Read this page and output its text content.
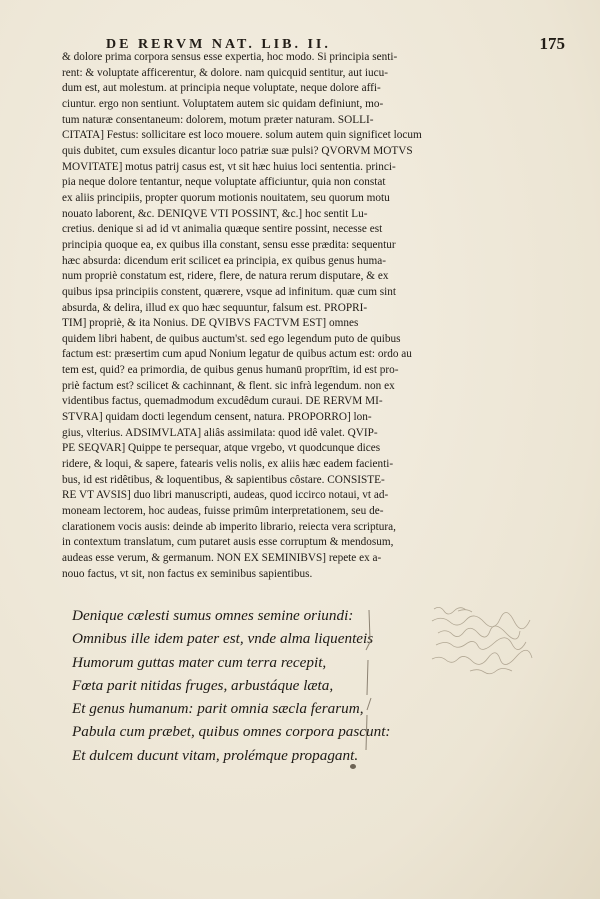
DE RERVM NAT. LIB. II.	175

& dolore prima corpora sensus esse expertia, hoc modo. Si principia senti-

rent: & voluptate afficerentur, & dolore. nam quicquid sentitur, aut iucu-

dum est, aut molestum. at principia neque voluptate, neque dolore affi-

ciuntur. ergo non sentiunt. Voluptatem autem sic quidam definiunt, mo-

tum naturæ consentaneum: dolorem, motum præter naturam. SOLLI-

CITATA] Festus: sollicitare est loco mouere. solum autem quin significet locum

quis dubitet, cum exsules dicantur loco patriæ suæ pulsi? QVORVM MOTVS

MOVITATE] motus patrij casus est, vt sit hæc huius loci sententia. princi-

pia neque dolore tentantur, neque voluptate afficiuntur, quia non constat

ex aliis principiis, propter quorum motionis nouitatem, seu quorum motu

nouato laborent, &c. DENIQVE VTI POSSINT, &c.] hoc sentit Lu-

cretius. denique si ad id vt animalia quæque sentire possint, necesse est

principia quoque ea, ex quibus illa constant, sensu esse prædita: sequentur

hæc absurda: dicendum erit scilicet ea principia, ex quibus genus huma-

num propriè constatum est, ridere, flere, de natura rerum disputare, & ex

quibus ipsa principiis constent, quærere, vsque ad infinitum. quæ cum sint

absurda, & delira, illud ex quo hæc sequuntur, falsum est. PROPRI-

TIM] propriè, & ita Nonius. DE QVIBVS FACTVM EST] omnes

quidem libri habent, de quibus auctum'st. sed ego legendum puto de quibus

factum est: præsertim cum apud Nonium legatur de quibus actum est: ordo au

tem est, quid? ea primordia, de quibus genus humanū proprītim, id est pro-

priè factum est? scilicet & cachinnant, & flent. sic infrà legendum. non ex

videntibus factus, quemadmodum excudêdum curaui. DE RERVM MI-

STVRA] quidam docti legendum censent, natura. PROPORRO] lon-

gius, vlterius. ADSIMVLATA] aliâs assimilata: quod idê valet. QVIP-

PE SEQVAR] Quippe te persequar, atque vrgebo, vt quodcunque dices

ridere, & loqui, & sapere, fatearis velis nolis, ex aliis hæc eadem facienti-

bus, id est ridêtibus, & loquentibus, & sapientibus côstare. CONSISTE-

RE VT AVSIS] duo libri manuscripti, audeas, quod iccirco notaui, vt ad-

moneam lectorem, hoc audeas, fuisse primûm interpretationem, seu de-

clarationem vocis ausis: deinde ab imperito librario, reiecta vera scriptura,

in contextum translatum, cum putaret ausis esse corruptum & mendosum,

audeas esse verum, & germanum. NON EX SEMINIBVS] repete ex a-

nouo factus, vt sit, non factus ex seminibus sapientibus.

Denique cælesti sumus omnes semine oriundi:
Omnibus ille idem pater est, vnde alma liquenteis
Humorum guttas mater cum terra recepit,
Fœta parit nitidas fruges, arbustáque læta,
Et genus humanum: parit omnia sæcla ferarum,
Pabula cum præbet, quibus omnes corpora pascunt:
Et dulcem ducunt vitam, prolémque propagant.
